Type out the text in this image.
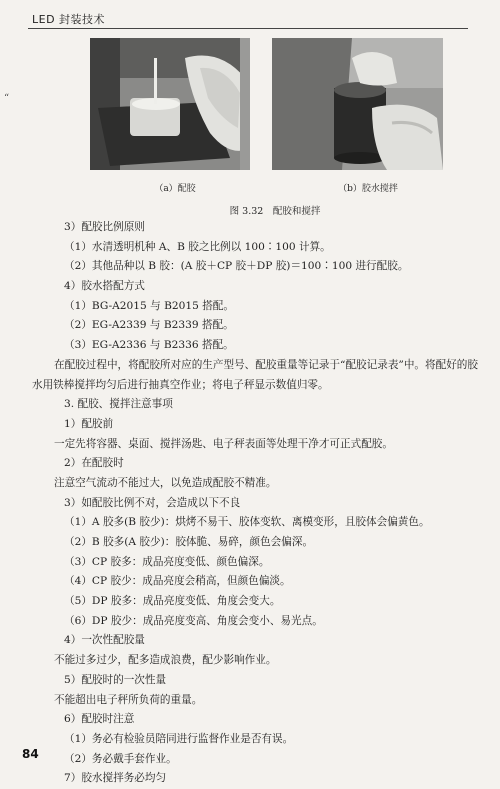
LED 封装技术
“
（a）配胶	（b）胶水搅拌
图 3.32　配胶和搅拌
3）配胶比例原则
（1）水清透明机种 A、B 胶之比例以 100∶100 计算。
（2）其他品种以 B 胶：(A 胶＋CP 胶＋DP 胶)＝100∶100 进行配胶。
4）胶水搭配方式
（1）BG-A2015 与 B2015 搭配。
（2）EG-A2339 与 B2339 搭配。
（3）EG-A2336 与 B2336 搭配。
在配胶过程中，将配胶所对应的生产型号、配胶重量等记录于“配胶记录表”中。将配好的胶水用铁棒搅拌均匀后进行抽真空作业；将电子秤显示数值归零。
3. 配胶、搅拌注意事项
1）配胶前
一定先将容器、桌面、搅拌汤匙、电子秤表面等处理干净才可正式配胶。
2）在配胶时
注意空气流动不能过大，以免造成配胶不精准。
3）如配胶比例不对，会造成以下不良
（1）A 胶多(B 胶少)：烘烤不易干、胶体变软、离模变形，且胶体会偏黄色。
（2）B 胶多(A 胶少)：胶体脆、易碎，颜色会偏深。
（3）CP 胶多：成品亮度变低、颜色偏深。
（4）CP 胶少：成品亮度会稍高，但颜色偏淡。
（5）DP 胶多：成品亮度变低、角度会变大。
（6）DP 胶少：成品亮度变高、角度会变小、易光点。
4）一次性配胶量
不能过多过少，配多造成浪费，配少影响作业。
5）配胶时的一次性量
不能超出电子秤所负荷的重量。
6）配胶时注意
（1）务必有检验员陪同进行监督作业是否有误。
（2）务必戴手套作业。
7）胶水搅拌务必均匀
84
